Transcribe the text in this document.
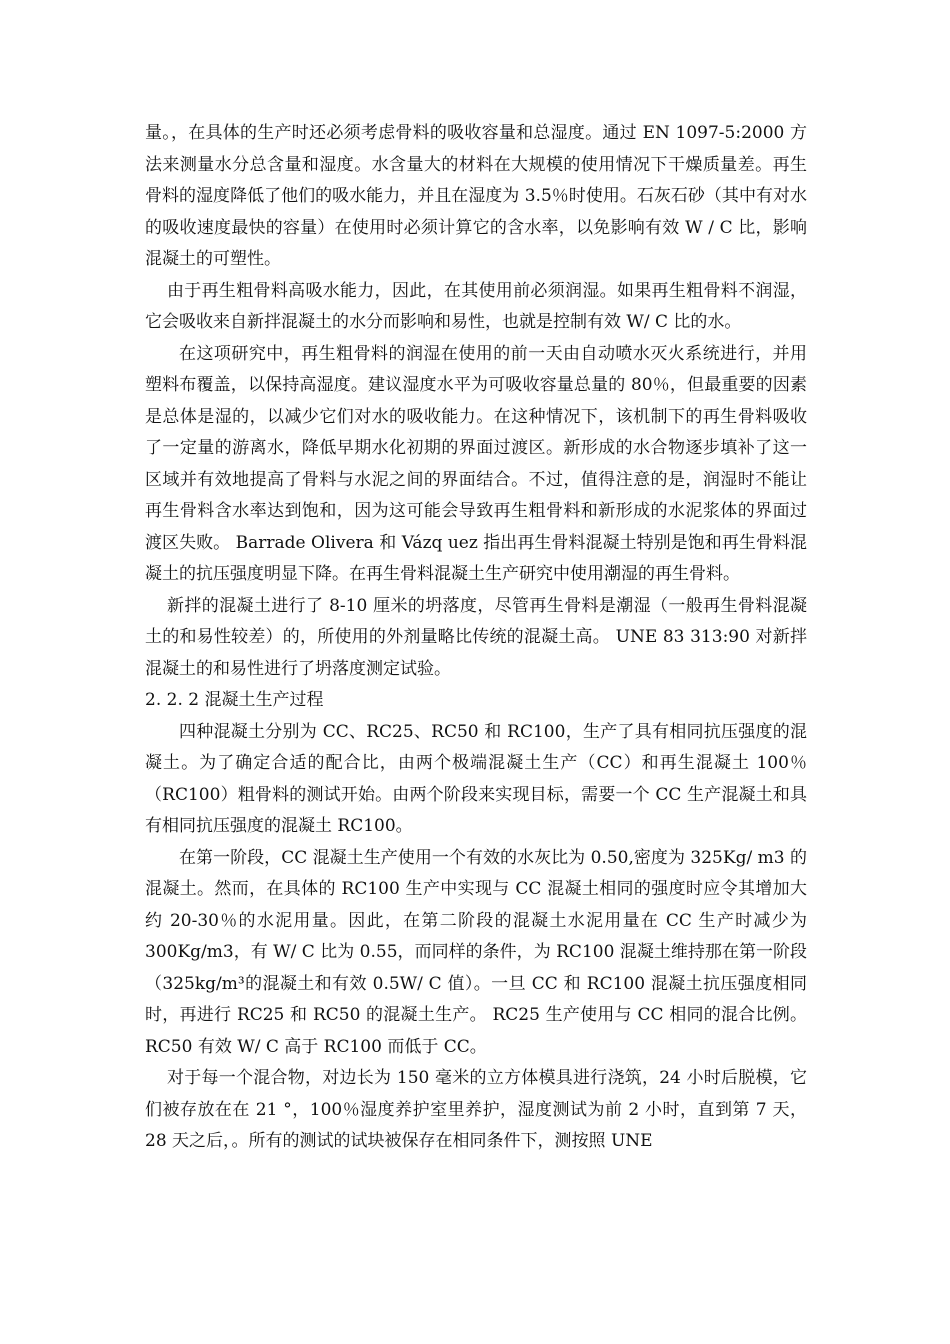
量。，在具体的生产时还必须考虑骨料的吸收容量和总湿度。通过 EN 1097-5:2000 方法来测量水分总含量和湿度。水含量大的材料在大规模的使用情况下干燥质量差。再生骨料的湿度降低了他们的吸水能力，并且在湿度为 3.5％时使用。石灰石砂（其中有对水的吸收速度最快的容量）在使用时必须计算它的含水率，以免影响有效 W / C 比，影响混凝土的可塑性。

由于再生粗骨料高吸水能力，因此，在其使用前必须润湿。如果再生粗骨料不润湿，它会吸收来自新拌混凝土的水分而影响和易性，也就是控制有效 W/ C 比的水。

在这项研究中，再生粗骨料的润湿在使用的前一天由自动喷水灭火系统进行，并用塑料布覆盖，以保持高湿度。建议湿度水平为可吸收容量总量的 80％，但最重要的因素是总体是湿的，以减少它们对水的吸收能力。在这种情况下，该机制下的再生骨料吸收了一定量的游离水，降低早期水化初期的界面过渡区。新形成的水合物逐步填补了这一区域并有效地提高了骨料与水泥之间的界面结合。不过，值得注意的是，润湿时不能让再生骨料含水率达到饱和，因为这可能会导致再生粗骨料和新形成的水泥浆体的界面过渡区失败。 Barrade Olivera 和 Vázq uez 指出再生骨料混凝土特别是饱和再生骨料混凝土的抗压强度明显下降。在再生骨料混凝土生产研究中使用潮湿的再生骨料。

新拌的混凝土进行了 8-10 厘米的坍落度，尽管再生骨料是潮湿（一般再生骨料混凝土的和易性较差）的，所使用的外剂量略比传统的混凝土高。 UNE 83 313:90 对新拌混凝土的和易性进行了坍落度测定试验。

2. 2. 2 混凝土生产过程

四种混凝土分别为 CC、RC25、RC50 和 RC100，生产了具有相同抗压强度的混凝土。为了确定合适的配合比，由两个极端混凝土生产（CC）和再生混凝土 100％（RC100）粗骨料的测试开始。由两个阶段来实现目标，需要一个 CC 生产混凝土和具有相同抗压强度的混凝土 RC100。

在第一阶段，CC 混凝土生产使用一个有效的水灰比为 0.50,密度为 325Kg/ m3 的混凝土。然而，在具体的 RC100 生产中实现与 CC 混凝土相同的强度时应令其增加大约 20-30％的水泥用量。因此，在第二阶段的混凝土水泥用量在 CC 生产时减少为 300Kg/m3，有 W/ C 比为 0.55，而同样的条件，为 RC100 混凝土维持那在第一阶段（325kg/m³的混凝土和有效 0.5W/ C 值）。一旦 CC 和 RC100 混凝土抗压强度相同时，再进行 RC25 和 RC50 的混凝土生产。 RC25 生产使用与 CC 相同的混合比例。RC50 有效 W/ C 高于 RC100 而低于 CC。

对于每一个混合物，对边长为 150 毫米的立方体模具进行浇筑，24 小时后脱模，它们被存放在在 21 °，100％湿度养护室里养护，湿度测试为前 2 小时，直到第 7 天，28 天之后，。所有的测试的试块被保存在相同条件下，测按照 UNE
